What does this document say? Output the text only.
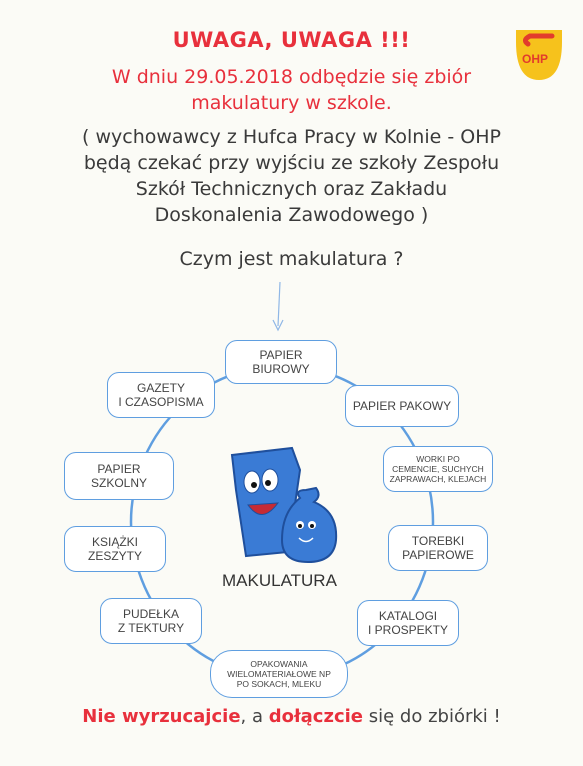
UWAGA, UWAGA !!!
W dniu 29.05.2018 odbędzie się zbiór
makulatury w szkole.
OHP
( wychowawcy z Hufca Pracy w Kolnie - OHP
będą czekać przy wyjściu ze szkoły Zespołu
Szkół Technicznych oraz Zakładu
Doskonalenia Zawodowego )
Czym jest makulatura ?
MAKULATURA
PAPIER
BIUROWY
PAPIER PAKOWY
WORKI PO
CEMENCIE, SUCHYCH
ZAPRAWACH, KLEJACH
TOREBKI
PAPIEROWE
KATALOGI
I PROSPEKTY
OPAKOWANIA
WIELOMATERIAŁOWE NP
PO SOKACH, MLEKU
PUDEŁKA
Z TEKTURY
KSIĄŻKI
ZESZYTY
PAPIER
SZKOLNY
GAZETY
I CZASOPISMA
Nie wyrzucajcie, a dołączcie się do zbiórki !
